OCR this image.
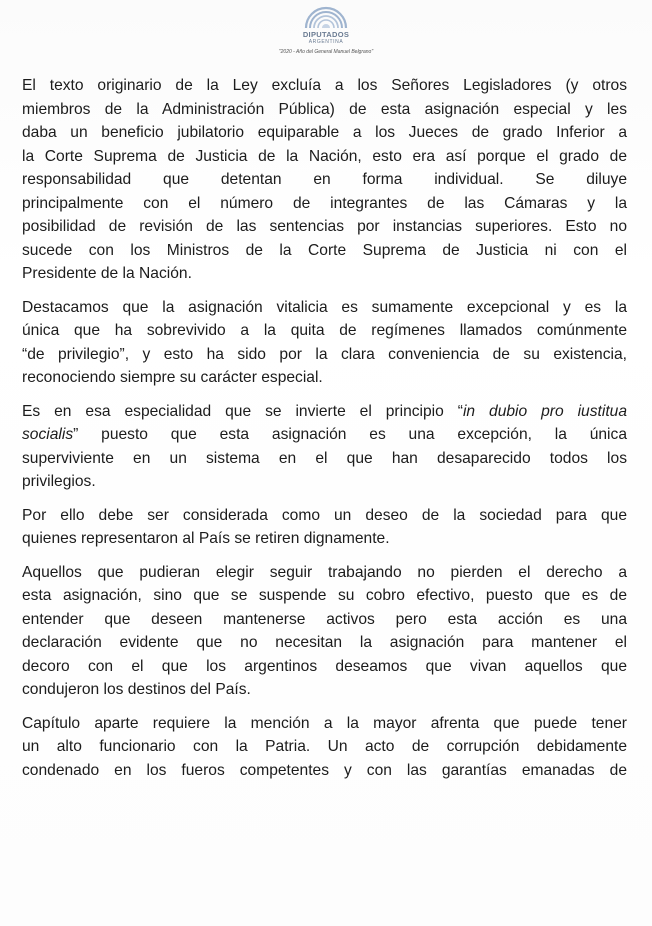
DIPUTADOS
ARGENTINA
"2020 - Año del General Manuel Belgrano"

El texto originario de la Ley excluía a los Señores Legisladores (y otros
miembros de la Administración Pública) de esta asignación especial y les
daba un beneficio jubilatorio equiparable a los Jueces de grado Inferior a
la Corte Suprema de Justicia de la Nación, esto era así porque el grado de
responsabilidad que detentan en forma individual. Se diluye
principalmente con el número de integrantes de las Cámaras y la
posibilidad de revisión de las sentencias por instancias superiores. Esto no
sucede con los Ministros de la Corte Suprema de Justicia ni con el
Presidente de la Nación.

Destacamos que la asignación vitalicia es sumamente excepcional y es la
única que ha sobrevivido a la quita de regímenes llamados comúnmente
“de privilegio”, y esto ha sido por la clara conveniencia de su existencia,
reconociendo siempre su carácter especial.

Es en esa especialidad que se invierte el principio “in dubio pro iustitua
socialis” puesto que esta asignación es una excepción, la única
superviviente en un sistema en el que han desaparecido todos los
privilegios.

Por ello debe ser considerada como un deseo de la sociedad para que
quienes representaron al País se retiren dignamente.

Aquellos que pudieran elegir seguir trabajando no pierden el derecho a
esta asignación, sino que se suspende su cobro efectivo, puesto que es de
entender que deseen mantenerse activos pero esta acción es una
declaración evidente que no necesitan la asignación para mantener el
decoro con el que los argentinos deseamos que vivan aquellos que
condujeron los destinos del País.

Capítulo aparte requiere la mención a la mayor afrenta que puede tener
un alto funcionario con la Patria. Un acto de corrupción debidamente
condenado en los fueros competentes y con las garantías emanadas de
